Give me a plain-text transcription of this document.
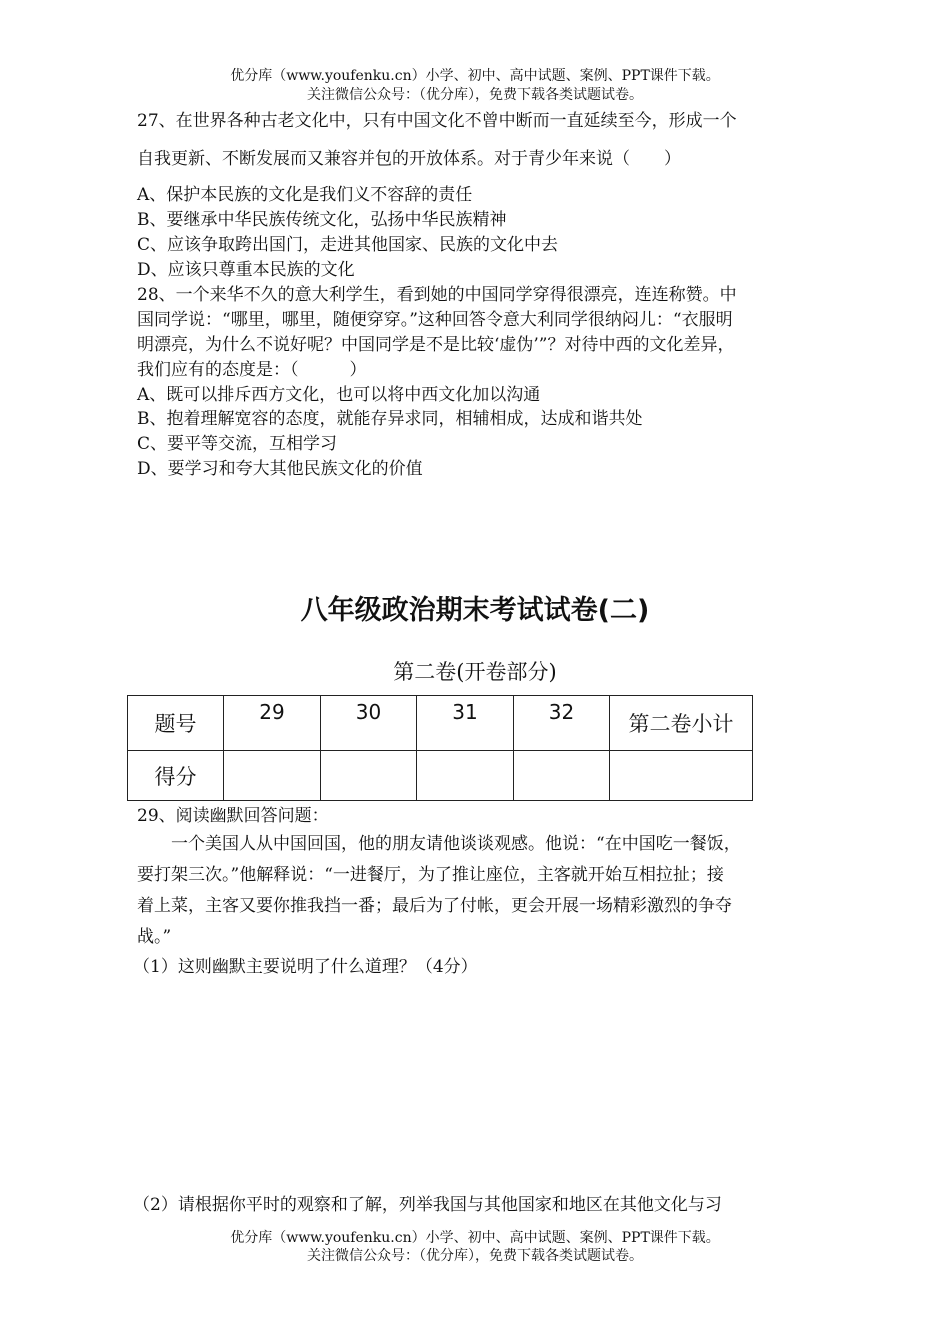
优分库（www.youfenku.cn）小学、初中、高中试题、案例、PPT课件下载。
关注微信公众号：（优分库），免费下载各类试题试卷。
27、在世界各种古老文化中，只有中国文化不曾中断而一直延续至今，形成一个
自我更新、不断发展而又兼容并包的开放体系。对于青少年来说（　　）
A、保护本民族的文化是我们义不容辞的责任
B、要继承中华民族传统文化，弘扬中华民族精神
C、应该争取跨出国门，走进其他国家、民族的文化中去
D、应该只尊重本民族的文化
28、一个来华不久的意大利学生，看到她的中国同学穿得很漂亮，连连称赞。中
国同学说：“哪里，哪里，随便穿穿。”这种回答令意大利同学很纳闷儿：“衣服明
明漂亮，为什么不说好呢？中国同学是不是比较‘虚伪’”？对待中西的文化差异，
我们应有的态度是：（　　　）
A、既可以排斥西方文化，也可以将中西文化加以沟通
B、抱着理解宽容的态度，就能存异求同，相辅相成，达成和谐共处
C、要平等交流，互相学习
D、要学习和夸大其他民族文化的价值
八年级政治期末考试试卷(二)
第二卷(开卷部分)
题号	29	30	31	32	第二卷小计
得分					
29、阅读幽默回答问题：
　　一个美国人从中国回国，他的朋友请他谈谈观感。他说：“在中国吃一餐饭，
要打架三次。”他解释说：“一进餐厅，为了推让座位，主客就开始互相拉扯；接
着上菜，主客又要你推我挡一番；最后为了付帐，更会开展一场精彩激烈的争夺
战。”
（1）这则幽默主要说明了什么道理？（4分）
（2）请根据你平时的观察和了解，列举我国与其他国家和地区在其他文化与习
优分库（www.youfenku.cn）小学、初中、高中试题、案例、PPT课件下载。
关注微信公众号：（优分库），免费下载各类试题试卷。
